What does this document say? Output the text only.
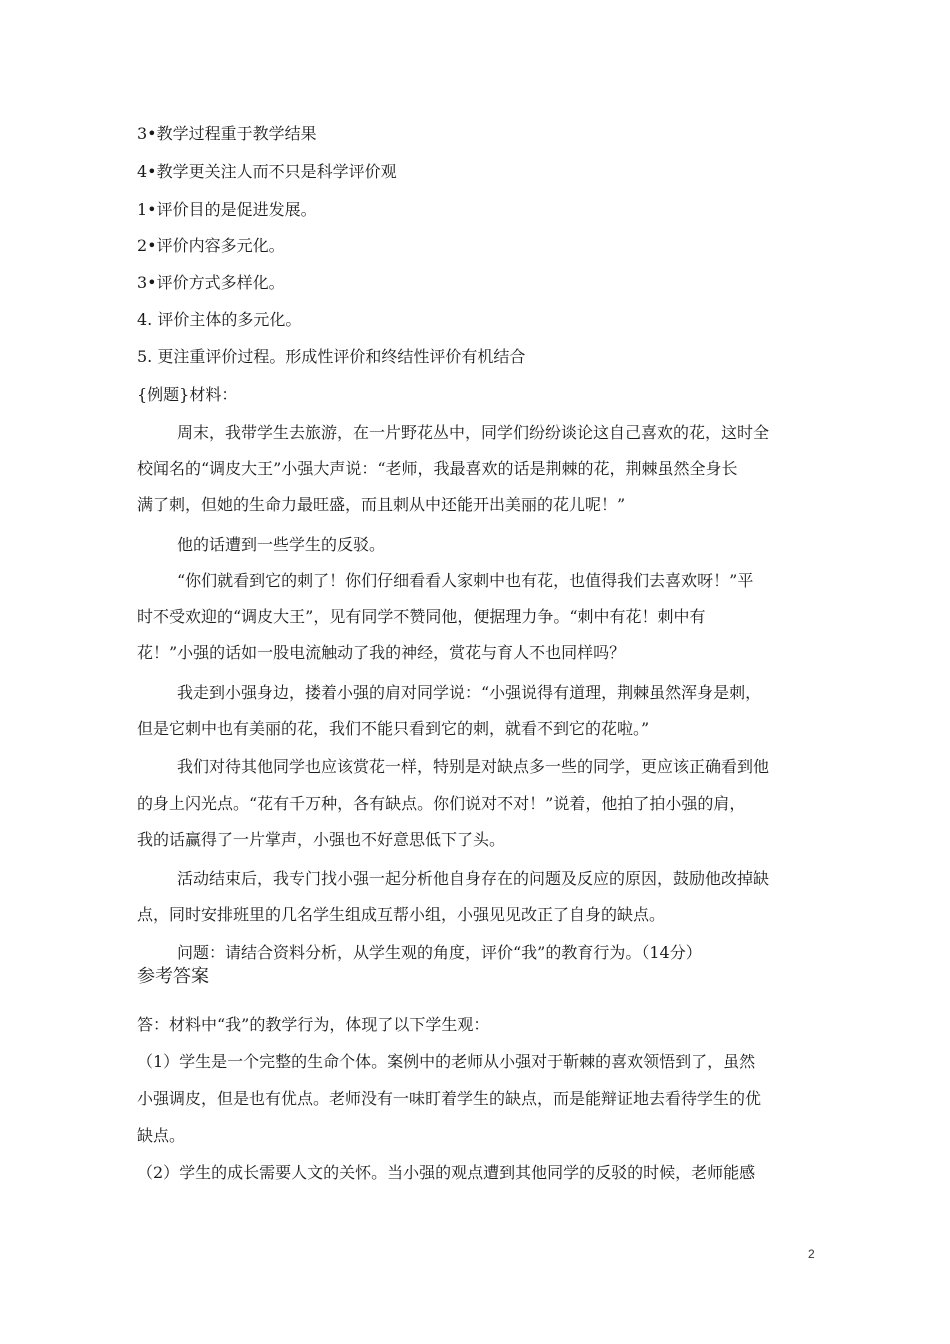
3•教学过程重于教学结果

4•教学更关注人而不只是科学评价观

1•评价目的是促进发展。

2•评价内容多元化。

3•评价方式多样化。

4. 评价主体的多元化。

5. 更注重评价过程。形成性评价和终结性评价有机结合

{例题}材料：

周末，我带学生去旅游，在一片野花丛中，同学们纷纷谈论这自己喜欢的花，这时全

校闻名的“调皮大王”小强大声说：“老师，我最喜欢的话是荆棘的花，荆棘虽然全身长

满了刺，但她的生命力最旺盛，而且刺从中还能开出美丽的花儿呢！”

他的话遭到一些学生的反驳。

“你们就看到它的刺了！你们仔细看看人家刺中也有花，也值得我们去喜欢呀！”平

时不受欢迎的“调皮大王”，见有同学不赞同他，便据理力争。“刺中有花！刺中有

花！”小强的话如一股电流触动了我的神经，赏花与育人不也同样吗？

我走到小强身边，搂着小强的肩对同学说：“小强说得有道理，荆棘虽然浑身是刺，

但是它刺中也有美丽的花，我们不能只看到它的刺，就看不到它的花啦。”

我们对待其他同学也应该赏花一样，特别是对缺点多一些的同学，更应该正确看到他

的身上闪光点。“花有千万种，各有缺点。你们说对不对！”说着，他拍了拍小强的肩，

我的话赢得了一片掌声，小强也不好意思低下了头。

活动结束后，我专门找小强一起分析他自身存在的问题及反应的原因，鼓励他改掉缺

点，同时安排班里的几名学生组成互帮小组，小强见见改正了自身的缺点。

问题：请结合资料分析，从学生观的角度，评价“我”的教育行为。（14分）

参考答案

答：材料中“我”的教学行为，体现了以下学生观：

（1）学生是一个完整的生命个体。案例中的老师从小强对于靳棘的喜欢领悟到了，虽然

小强调皮，但是也有优点。老师没有一味盯着学生的缺点，而是能辩证地去看待学生的优

缺点。

（2）学生的成长需要人文的关怀。当小强的观点遭到其他同学的反驳的时候，老师能感

2
